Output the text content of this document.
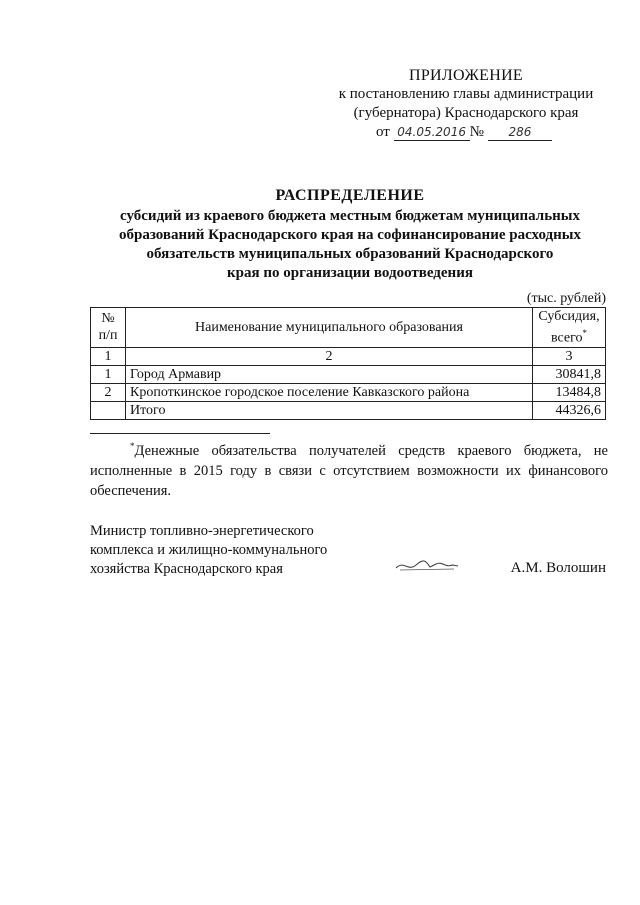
ПРИЛОЖЕНИЕ
к постановлению главы администрации
(губернатора) Краснодарского края
от 04.05.2016 № 286
РАСПРЕДЕЛЕНИЕ
субсидий из краевого бюджета местным бюджетам муниципальных
образований Краснодарского края на софинансирование расходных
обязательств муниципальных образований Краснодарского
края по организации водоотведения
(тыс. рублей)
№ п/п	Наименование муниципального образования	Субсидия, всего*
1	2	3
1	Город Армавир	30841,8
2	Кропоткинское городское поселение Кавказского района	13484,8
	Итого	44326,6
*Денежные обязательства получателей средств краевого бюджета, не исполненные в 2015 году в связи с отсутствием возможности их финансового обеспечения.
Министр топливно-энергетического
комплекса и жилищно-коммунального
хозяйства Краснодарского края	А.М. Волошин
